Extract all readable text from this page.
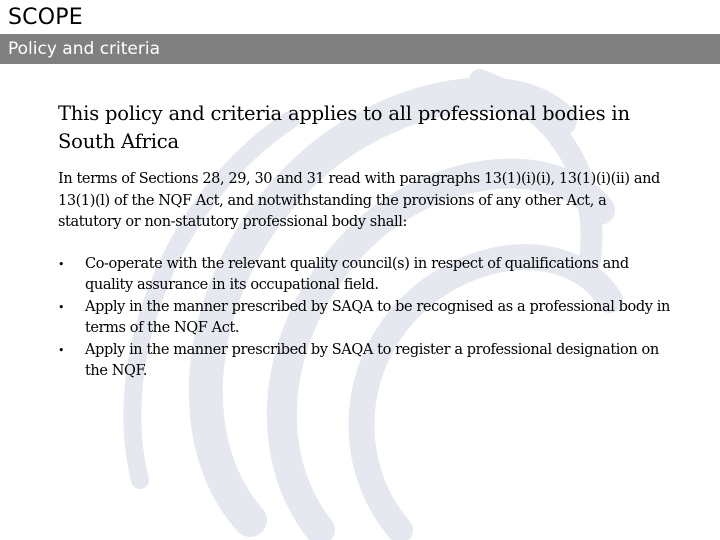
SCOPE
Policy and criteria

This policy and criteria applies to all professional bodies in South Africa

In terms of Sections 28, 29, 30 and 31 read with paragraphs 13(1)(i)(i), 13(1)(i)(ii) and 13(1)(l) of the NQF Act, and notwithstanding the provisions of any other Act, a statutory or non-statutory professional body shall:

• Co-operate with the relevant quality council(s) in respect of qualifications and quality assurance in its occupational field.
• Apply in the manner prescribed by SAQA to be recognised as a professional body in terms of the NQF Act.
• Apply in the manner prescribed by SAQA to register a professional designation on the NQF.
